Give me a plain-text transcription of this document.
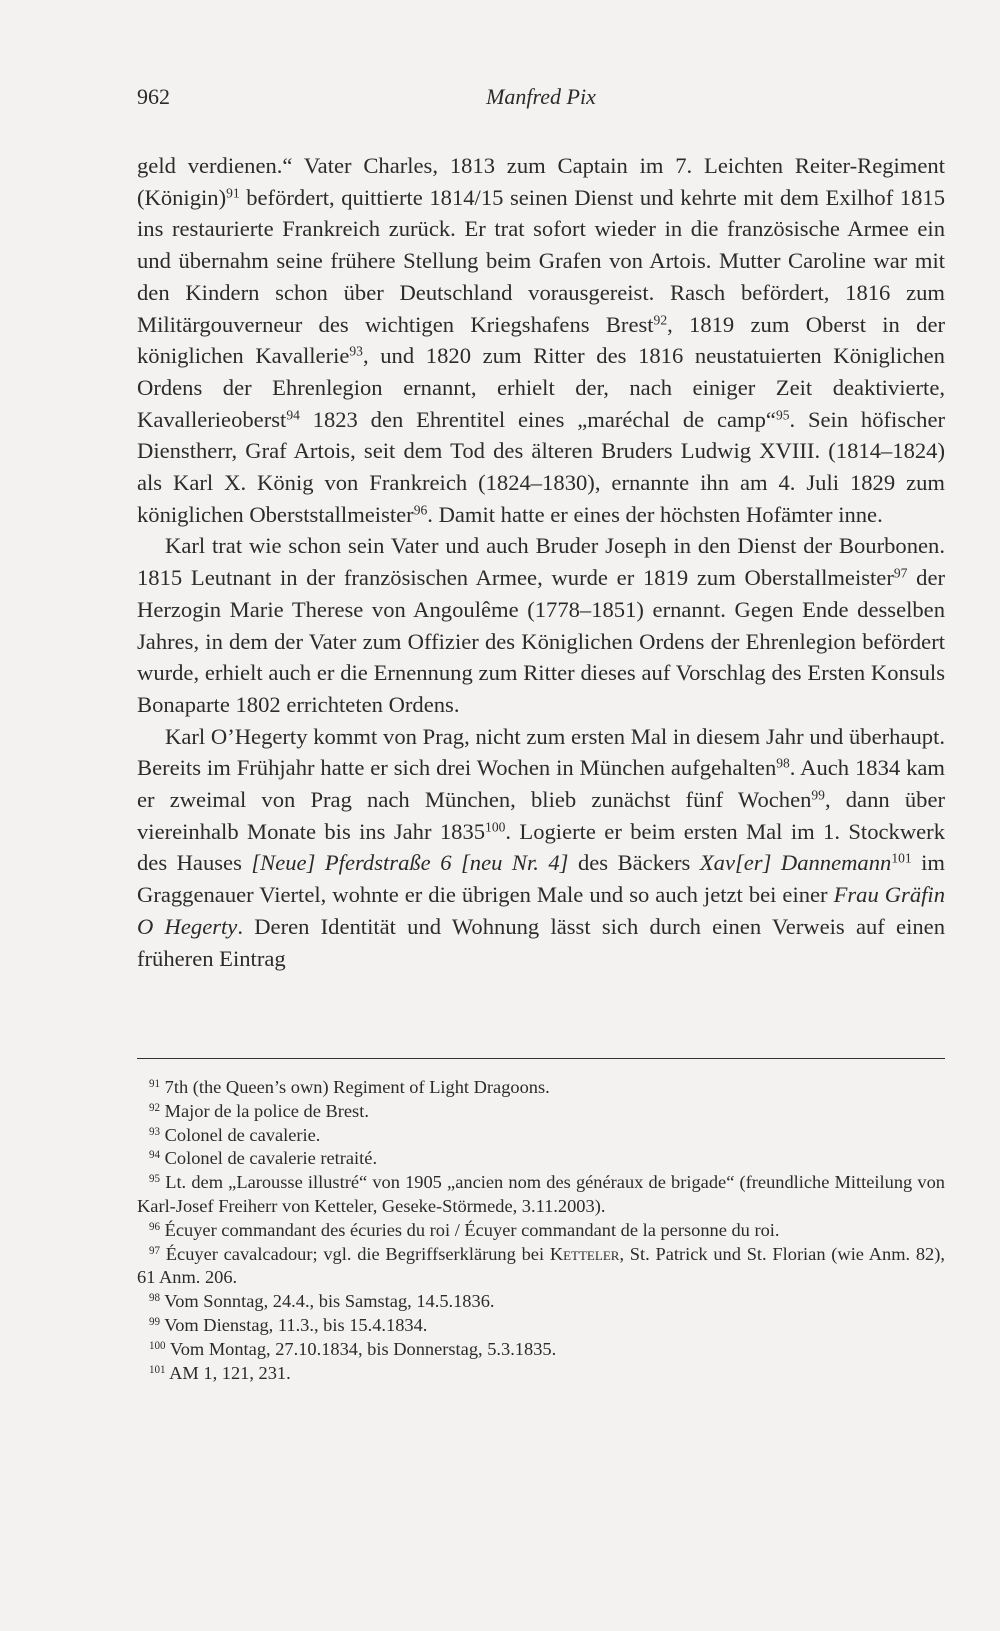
962	Manfred Pix

geld verdienen.“ Vater Charles, 1813 zum Captain im 7. Leichten Reiter-Regiment (Königin)$^{91}$ befördert, quittierte 1814/15 seinen Dienst und kehrte mit dem Exilhof 1815 ins restaurierte Frankreich zurück. Er trat sofort wieder in die französische Armee ein und übernahm seine frühere Stellung beim Grafen von Artois. Mutter Caroline war mit den Kindern schon über Deutschland vorausgereist. Rasch befördert, 1816 zum Militärgouverneur des wichtigen Kriegshafens Brest$^{92}$, 1819 zum Oberst in der königlichen Kavallerie$^{93}$, und 1820 zum Ritter des 1816 neustatuierten Königlichen Ordens der Ehrenlegion ernannt, erhielt der, nach einiger Zeit deaktivierte, Kavallerieoberst$^{94}$ 1823 den Ehrentitel eines „maréchal de camp“$^{95}$. Sein höfischer Dienstherr, Graf Artois, seit dem Tod des älteren Bruders Ludwig XVIII. (1814–1824) als Karl X. König von Frankreich (1824–1830), ernannte ihn am 4. Juli 1829 zum königlichen Oberststallmeister$^{96}$. Damit hatte er eines der höchsten Hofämter inne.

Karl trat wie schon sein Vater und auch Bruder Joseph in den Dienst der Bourbonen. 1815 Leutnant in der französischen Armee, wurde er 1819 zum Oberstallmeister$^{97}$ der Herzogin Marie Therese von Angoulême (1778–1851) ernannt. Gegen Ende desselben Jahres, in dem der Vater zum Offizier des Königlichen Ordens der Ehrenlegion befördert wurde, erhielt auch er die Ernennung zum Ritter dieses auf Vorschlag des Ersten Konsuls Bonaparte 1802 errichteten Ordens.

Karl O’Hegerty kommt von Prag, nicht zum ersten Mal in diesem Jahr und überhaupt. Bereits im Frühjahr hatte er sich drei Wochen in München aufgehalten$^{98}$. Auch 1834 kam er zweimal von Prag nach München, blieb zunächst fünf Wochen$^{99}$, dann über viereinhalb Monate bis ins Jahr 1835$^{100}$. Logierte er beim ersten Mal im 1. Stockwerk des Hauses [Neue] Pferdstraße 6 [neu Nr. 4] des Bäckers Xav[er] Dannemann$^{101}$ im Graggenauer Viertel, wohnte er die übrigen Male und so auch jetzt bei einer Frau Gräfin O Hegerty. Deren Identität und Wohnung lässt sich durch einen Verweis auf einen früheren Eintrag

$^{91}$ 7th (the Queen’s own) Regiment of Light Dragoons.

$^{92}$ Major de la police de Brest.

$^{93}$ Colonel de cavalerie.

$^{94}$ Colonel de cavalerie retraité.

$^{95}$ Lt. dem „Larousse illustré“ von 1905 „ancien nom des généraux de brigade“ (freundliche Mitteilung von Karl-Josef Freiherr von Ketteler, Geseke-Störmede, 3.11.2003).

$^{96}$ Écuyer commandant des écuries du roi / Écuyer commandant de la personne du roi.

$^{97}$ Écuyer cavalcadour; vgl. die Begriffserklärung bei Ketteler, St. Patrick und St. Florian (wie Anm. 82), 61 Anm. 206.

$^{98}$ Vom Sonntag, 24.4., bis Samstag, 14.5.1836.

$^{99}$ Vom Dienstag, 11.3., bis 15.4.1834.

$^{100}$ Vom Montag, 27.10.1834, bis Donnerstag, 5.3.1835.

$^{101}$ AM 1, 121, 231.
